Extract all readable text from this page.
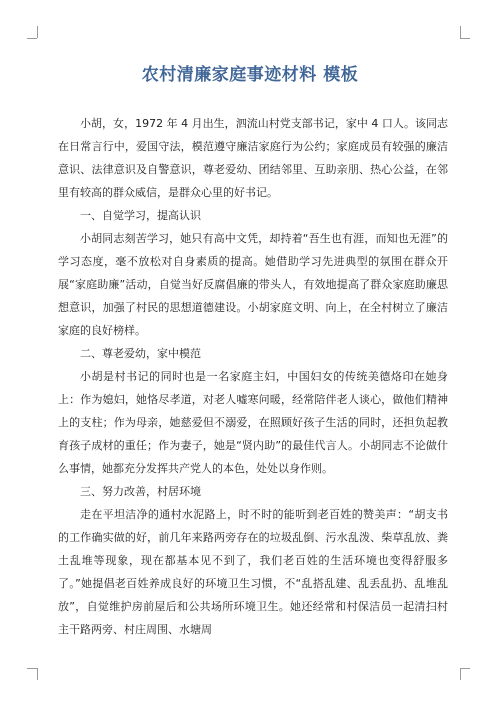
农村清廉家庭事迹材料 模板

小胡，女，1972 年 4 月出生，泗流山村党支部书记，家中 4 口人。该同志在日常言行中，爱国守法，模范遵守廉洁家庭行为公约；家庭成员有较强的廉洁意识、法律意识及自警意识，尊老爱幼、团结邻里、互助亲朋、热心公益，在邻里有较高的群众威信，是群众心里的好书记。

一、自觉学习，提高认识

小胡同志刻苦学习，她只有高中文凭，却持着“吾生也有涯，而知也无涯”的学习态度，毫不放松对自身素质的提高。她借助学习先进典型的氛围在群众开展“家庭助廉”活动，自觉当好反腐倡廉的带头人，有效地提高了群众家庭助廉思想意识，加强了村民的思想道德建设。小胡家庭文明、向上，在全村树立了廉洁家庭的良好榜样。

二、尊老爱幼，家中模范

小胡是村书记的同时也是一名家庭主妇，中国妇女的传统美德烙印在她身上：作为媳妇，她恪尽孝道，对老人嘘寒问暖，经常陪伴老人谈心，做他们精神上的支柱；作为母亲，她慈爱但不溺爱，在照顾好孩子生活的同时，还担负起教育孩子成材的重任；作为妻子，她是“贤内助”的最佳代言人。小胡同志不论做什么事情，她都充分发挥共产党人的本色，处处以身作则。

三、努力改善，村居环境

走在平坦洁净的通村水泥路上，时不时的能听到老百姓的赞美声：“胡支书的工作确实做的好，前几年来路两旁存在的垃圾乱倒、污水乱泼、柴草乱放、粪土乱堆等现象，现在都基本见不到了，我们老百姓的生活环境也变得舒服多了。”她提倡老百姓养成良好的环境卫生习惯，不“乱搭乱建、乱丢乱扔、乱堆乱放”，自觉维护房前屋后和公共场所环境卫生。她还经常和村保洁员一起清扫村主干路两旁、村庄周围、水塘周
